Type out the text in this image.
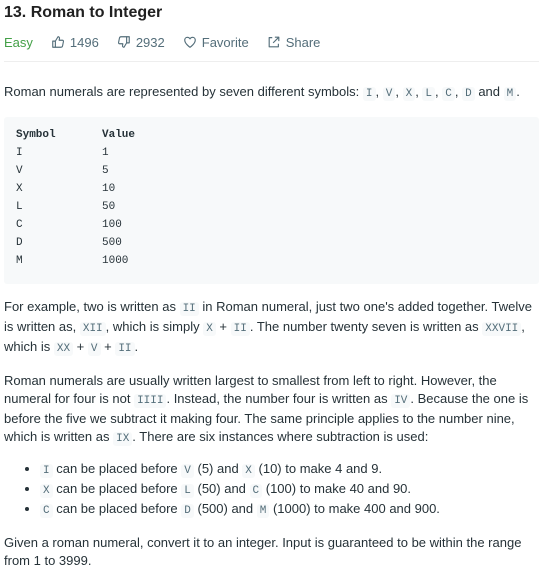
13. Roman to Integer
Easy	1496	2932	Favorite	Share

Roman numerals are represented by seven different symbols: I , V , X , L , C , D and M .

Symbol	Value
I	1
V	5
X	10
L	50
C	100
D	500
M	1000

For example, two is written as II in Roman numeral, just two one's added together. Twelve is written as, XII , which is simply X + II . The number twenty seven is written as XXVII , which is XX + V + II .

Roman numerals are usually written largest to smallest from left to right. However, the numeral for four is not IIII . Instead, the number four is written as IV . Because the one is before the five we subtract it making four. The same principle applies to the number nine, which is written as IX . There are six instances where subtraction is used:

• I can be placed before V (5) and X (10) to make 4 and 9.
• X can be placed before L (50) and C (100) to make 40 and 90.
• C can be placed before D (500) and M (1000) to make 400 and 900.

Given a roman numeral, convert it to an integer. Input is guaranteed to be within the range from 1 to 3999.
